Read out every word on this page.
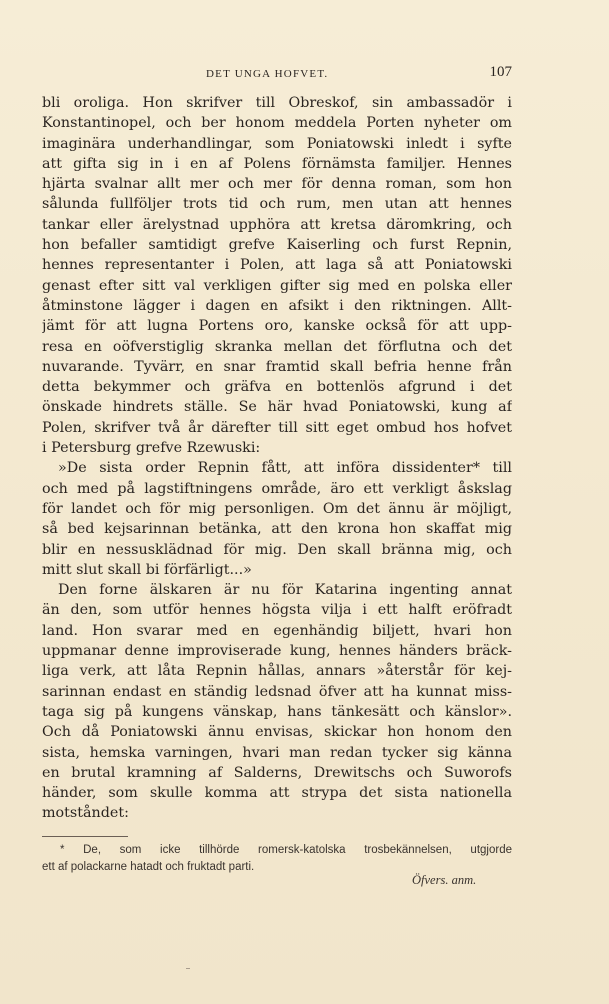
DET UNGA HOFVET.	107
bli oroliga. Hon skrifver till Obreskof, sin ambassadör i
Konstantinopel, och ber honom meddela Porten nyheter om
imaginära underhandlingar, som Poniatowski inledt i syfte
att gifta sig in i en af Polens förnämsta familjer. Hennes
hjärta svalnar allt mer och mer för denna roman, som hon
sålunda fullföljer trots tid och rum, men utan att hennes
tankar eller ärelystnad upphöra att kretsa däromkring, och
hon befaller samtidigt grefve Kaiserling och furst Repnin,
hennes representanter i Polen, att laga så att Poniatowski
genast efter sitt val verkligen gifter sig med en polska eller
åtminstone lägger i dagen en afsikt i den riktningen. Allt-
jämt för att lugna Portens oro, kanske också för att upp-
resa en oöfverstiglig skranka mellan det förflutna och det
nuvarande. Tyvärr, en snar framtid skall befria henne från
detta bekymmer och gräfva en bottenlös afgrund i det
önskade hindrets ställe. Se här hvad Poniatowski, kung af
Polen, skrifver två år därefter till sitt eget ombud hos hofvet
i Petersburg grefve Rzewuski:
»De sista order Repnin fått, att införa dissidenter* till
och med på lagstiftningens område, äro ett verkligt åskslag
för landet och för mig personligen. Om det ännu är möjligt,
så bed kejsarinnan betänka, att den krona hon skaffat mig
blir en nessusklädnad för mig. Den skall bränna mig, och
mitt slut skall bi förfärligt...»
Den forne älskaren är nu för Katarina ingenting annat
än den, som utför hennes högsta vilja i ett halft eröfradt
land. Hon svarar med en egenhändig biljett, hvari hon
uppmanar denne improviserade kung, hennes händers bräck-
liga verk, att låta Repnin hållas, annars »återstår för kej-
sarinnan endast en ständig ledsnad öfver att ha kunnat miss-
taga sig på kungens vänskap, hans tänkesätt och känslor».
Och då Poniatowski ännu envisas, skickar hon honom den
sista, hemska varningen, hvari man redan tycker sig känna
en brutal kramning af Salderns, Drewitschs och Suworofs
händer, som skulle komma att strypa det sista nationella
motståndet:
* De, som icke tillhörde romersk-katolska trosbekännelsen, utgjorde
ett af polackarne hatadt och fruktadt parti.
Öfvers. anm.
